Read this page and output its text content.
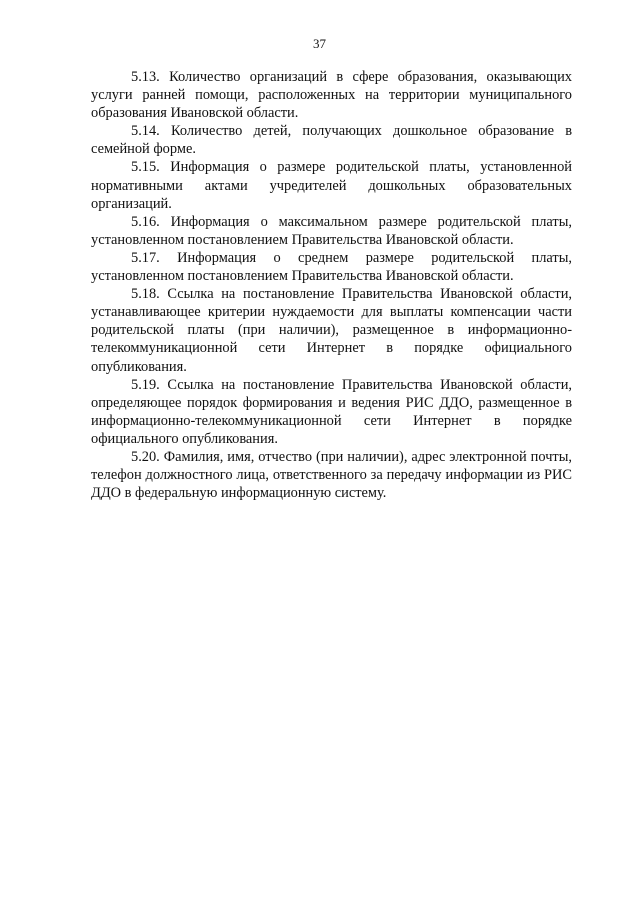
37

5.13. Количество организаций в сфере образования, оказывающих услуги ранней помощи, расположенных на территории муниципального образования Ивановской области.

5.14. Количество детей, получающих дошкольное образование в семейной форме.

5.15. Информация о размере родительской платы, установленной нормативными актами учредителей дошкольных образовательных организаций.

5.16. Информация о максимальном размере родительской платы, установленном постановлением Правительства Ивановской области.

5.17. Информация о среднем размере родительской платы, установленном постановлением Правительства Ивановской области.

5.18. Ссылка на постановление Правительства Ивановской области, устанавливающее критерии нуждаемости для выплаты компенсации части родительской платы (при наличии), размещенное в информационно-телекоммуникационной сети Интернет в порядке официального опубликования.

5.19. Ссылка на постановление Правительства Ивановской области, определяющее порядок формирования и ведения РИС ДДО, размещенное в информационно-телекоммуникационной сети Интернет в порядке официального опубликования.

5.20. Фамилия, имя, отчество (при наличии), адрес электронной почты, телефон должностного лица, ответственного за передачу информации из РИС ДДО в федеральную информационную систему.
